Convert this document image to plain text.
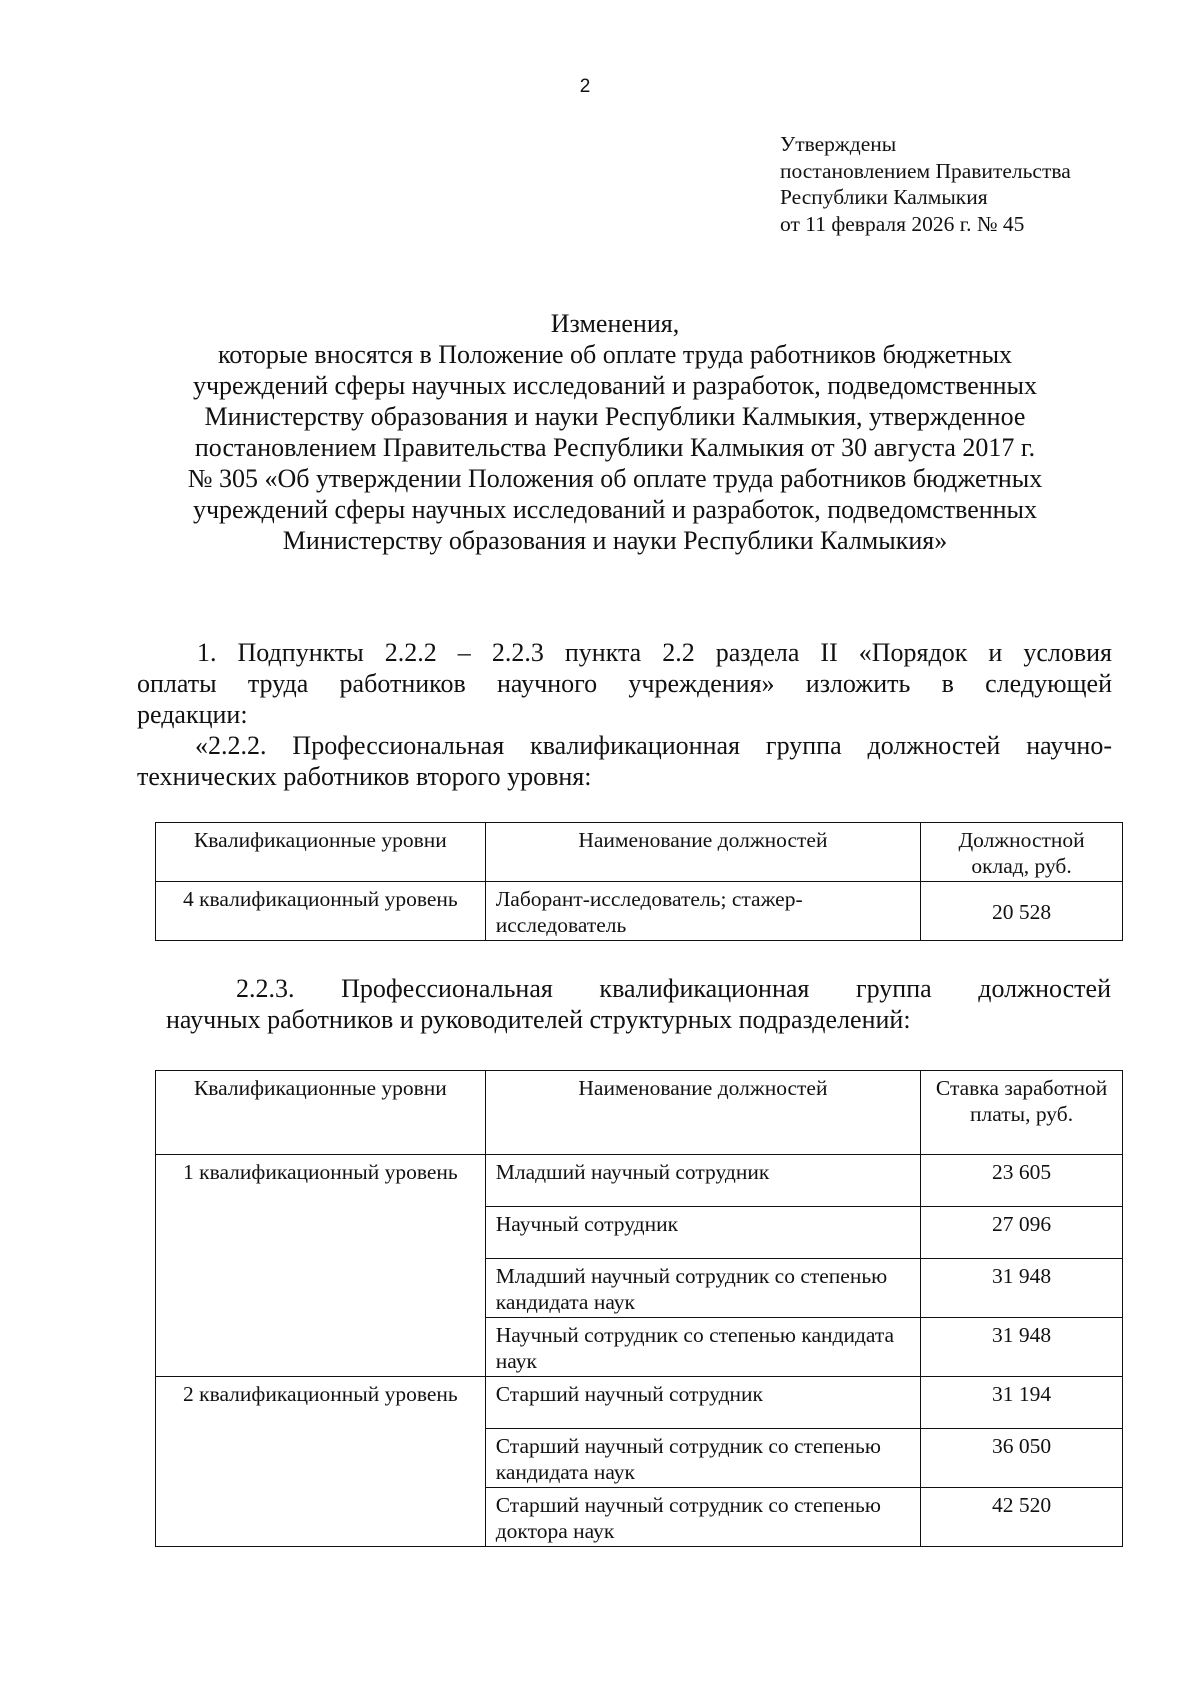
2
Утверждены
постановлением Правительства
Республики Калмыкия
от 11 февраля 2026 г. № 45
Изменения,
которые вносятся в Положение об оплате труда работников бюджетных
учреждений сферы научных исследований и разработок, подведомственных
Министерству образования и науки Республики Калмыкия, утвержденное
постановлением Правительства Республики Калмыкия от 30 августа 2017 г.
№ 305 «Об утверждении Положения об оплате труда работников бюджетных
учреждений сферы научных исследований и разработок, подведомственных
Министерству образования и науки Республики Калмыкия»
1. Подпункты 2.2.2 – 2.2.3 пункта 2.2 раздела II «Порядок и условия
оплаты труда работников научного учреждения» изложить в следующей
редакции:
«2.2.2. Профессиональная квалификационная группа должностей научно-
технических работников второго уровня:
Квалификационные уровни	Наименование должностей	Должностной оклад, руб.
4 квалификационный уровень	Лаборант-исследователь; стажер-исследователь	20 528
2.2.3. Профессиональная квалификационная группа должностей
научных работников и руководителей структурных подразделений:
Квалификационные уровни	Наименование должностей	Ставка заработной платы, руб.
1 квалификационный уровень	Младший научный сотрудник	23 605
	Научный сотрудник	27 096
	Младший научный сотрудник со степенью кандидата наук	31 948
	Научный сотрудник со степенью кандидата наук	31 948
2 квалификационный уровень	Старший научный сотрудник	31 194
	Старший научный сотрудник со степенью кандидата наук	36 050
	Старший научный сотрудник со степенью доктора наук	42 520
